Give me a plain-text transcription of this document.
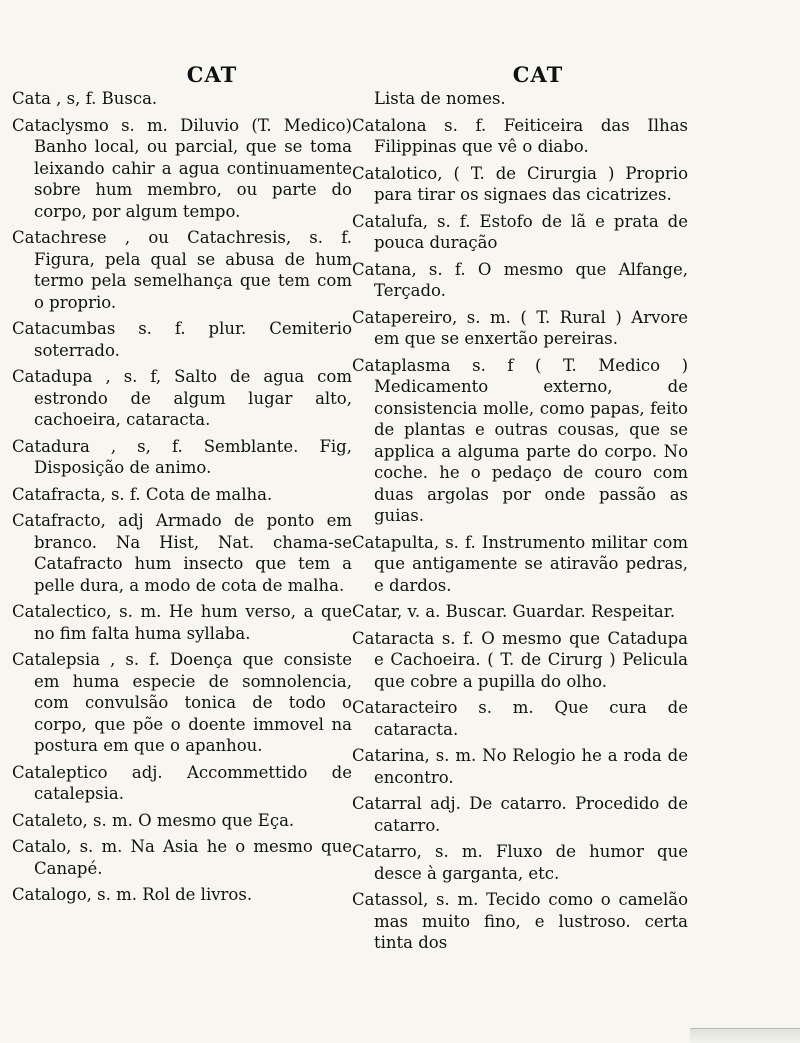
CAT
Cata , s, f. Busca.
Cataclysmo s. m. Diluvio (T. Medico) Banho local, ou parcial, que se toma leixando cahir a agua continuamente sobre hum membro, ou parte do corpo, por algum tempo.
Catachrese , ou Catachresis, s. f. Figura, pela qual se abusa de hum termo pela semelhança que tem com o proprio.
Catacumbas s. f. plur. Cemiterio soterrado.
Catadupa , s. f, Salto de agua com estrondo de algum lugar alto, cachoeira, cataracta.
Catadura , s, f. Semblante. Fig, Disposição de animo.
Catafracta, s. f. Cota de malha.
Catafracto, adj Armado de ponto em branco. Na Hist, Nat. chama-se Catafracto hum insecto que tem a pelle dura, a modo de cota de malha.
Catalectico, s. m. He hum verso, a que no fim falta huma syllaba.
Catalepsia , s. f. Doença que consiste em huma especie de somnolencia, com convulsão tonica de todo o corpo, que põe o doente immovel na postura em que o apanhou.
Cataleptico adj. Accommettido de catalepsia.
Cataleto, s. m. O mesmo que Eça.
Catalo, s. m. Na Asia he o mesmo que Canapé.
Catalogo, s. m. Rol de livros.
CAT
Lista de nomes.
Catalona s. f. Feiticeira das Ilhas Filippinas que vê o diabo.
Catalotico, ( T. de Cirurgia ) Proprio para tirar os signaes das cicatrizes.
Catalufa, s. f. Estofo de lã e prata de pouca duração
Catana, s. f. O mesmo que Alfange, Terçado.
Catapereiro, s. m. ( T. Rural ) Arvore em que se enxertão pereiras.
Cataplasma s. f ( T. Medico ) Medicamento externo, de consistencia molle, como papas, feito de plantas e outras cousas, que se applica a alguma parte do corpo. No coche. he o pedaço de couro com duas argolas por onde passão as guias.
Catapulta, s. f. Instrumento militar com que antigamente se atiravão pedras, e dardos.
Catar, v. a. Buscar. Guardar. Respeitar.
Cataracta s. f. O mesmo que Catadupa e Cachoeira. ( T. de Cirurg ) Pelicula que cobre a pupilla do olho.
Cataracteiro s. m. Que cura de cataracta.
Catarina, s. m. No Relogio he a roda de encontro.
Catarral adj. De catarro. Procedido de catarro.
Catarro, s. m. Fluxo de humor que desce à garganta, etc.
Catassol, s. m. Tecido como o camelão mas muito fino, e lustroso. certa tinta dos
